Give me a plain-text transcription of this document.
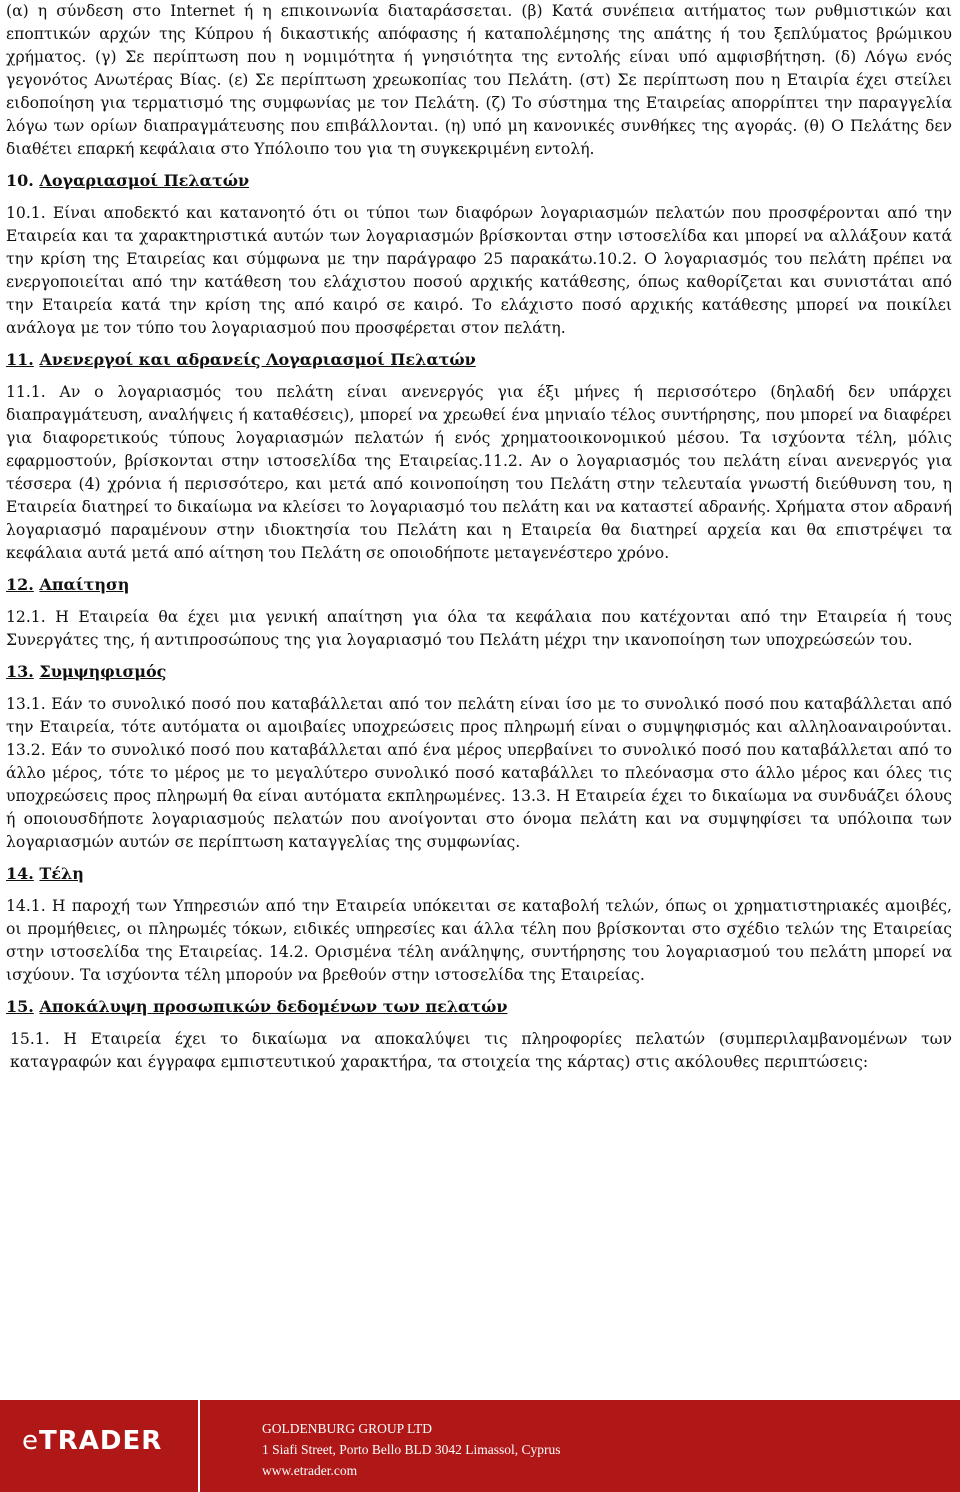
(α) η σύνδεση στο Internet ή η επικοινωνία διαταράσσεται. (β) Κατά συνέπεια αιτήματος των ρυθμιστικών και εποπτικών αρχών της Κύπρου ή δικαστικής απόφασης ή καταπολέμησης της απάτης ή του ξεπλύματος βρώμικου χρήματος. (γ) Σε περίπτωση που η νομιμότητα ή γνησιότητα της εντολής είναι υπό αμφισβήτηση. (δ) Λόγω ενός γεγονότος Ανωτέρας Βίας. (ε) Σε περίπτωση χρεωκοπίας του Πελάτη. (στ) Σε περίπτωση που η Εταιρία έχει στείλει ειδοποίηση για τερματισμό της συμφωνίας με τον Πελάτη. (ζ) Το σύστημα της Εταιρείας απορρίπτει την παραγγελία λόγω των ορίων διαπραγμάτευσης που επιβάλλονται. (η) υπό μη κανονικές συνθήκες της αγοράς. (θ) Ο Πελάτης δεν διαθέτει επαρκή κεφάλαια στο Υπόλοιπο του για τη συγκεκριμένη εντολή.

10. Λογαριασμοί Πελατών

10.1. Είναι αποδεκτό και κατανοητό ότι οι τύποι των διαφόρων λογαριασμών πελατών που προσφέρονται από την Εταιρεία και τα χαρακτηριστικά αυτών των λογαριασμών βρίσκονται στην ιστοσελίδα και μπορεί να αλλάξουν κατά την κρίση της Εταιρείας και σύμφωνα με την παράγραφο 25 παρακάτω.10.2. Ο λογαριασμός του πελάτη πρέπει να ενεργοποιείται από την κατάθεση του ελάχιστου ποσού αρχικής κατάθεσης, όπως καθορίζεται και συνιστάται από την Εταιρεία κατά την κρίση της από καιρό σε καιρό. Το ελάχιστο ποσό αρχικής κατάθεσης μπορεί να ποικίλει ανάλογα με τον τύπο του λογαριασμού που προσφέρεται στον πελάτη.

11. Ανενεργοί και αδρανείς Λογαριασμοί Πελατών

11.1. Αν ο λογαριασμός του πελάτη είναι ανενεργός για έξι μήνες ή περισσότερο (δηλαδή δεν υπάρχει διαπραγμάτευση, αναλήψεις ή καταθέσεις), μπορεί να χρεωθεί ένα μηνιαίο τέλος συντήρησης, που μπορεί να διαφέρει για διαφορετικούς τύπους λογαριασμών πελατών ή ενός χρηματοοικονομικού μέσου. Τα ισχύοντα τέλη, μόλις εφαρμοστούν, βρίσκονται στην ιστοσελίδα της Εταιρείας.11.2. Αν ο λογαριασμός του πελάτη είναι ανενεργός για τέσσερα (4) χρόνια ή περισσότερο, και μετά από κοινοποίηση του Πελάτη στην τελευταία γνωστή διεύθυνση του, η Εταιρεία διατηρεί το δικαίωμα να κλείσει το λογαριασμό του πελάτη και να καταστεί αδρανής. Χρήματα στον αδρανή λογαριασμό παραμένουν στην ιδιοκτησία του Πελάτη και η Εταιρεία θα διατηρεί αρχεία και θα επιστρέψει τα κεφάλαια αυτά μετά από αίτηση του Πελάτη σε οποιοδήποτε μεταγενέστερο χρόνο.

12. Απαίτηση

12.1. Η Εταιρεία θα έχει μια γενική απαίτηση για όλα τα κεφάλαια που κατέχονται από την Εταιρεία ή τους Συνεργάτες της, ή αντιπροσώπους της για λογαριασμό του Πελάτη μέχρι την ικανοποίηση των υποχρεώσεών του.

13. Συμψηφισμός

13.1. Εάν το συνολικό ποσό που καταβάλλεται από τον πελάτη είναι ίσο με το συνολικό ποσό που καταβάλλεται από την Εταιρεία, τότε αυτόματα οι αμοιβαίες υποχρεώσεις προς πληρωμή είναι ο συμψηφισμός και αλληλοαναιρούνται. 13.2. Εάν το συνολικό ποσό που καταβάλλεται από ένα μέρος υπερβαίνει το συνολικό ποσό που καταβάλλεται από το άλλο μέρος, τότε το μέρος με το μεγαλύτερο συνολικό ποσό καταβάλλει το πλεόνασμα στο άλλο μέρος και όλες τις υποχρεώσεις προς πληρωμή θα είναι αυτόματα εκπληρωμένες. 13.3. Η Εταιρεία έχει το δικαίωμα να συνδυάζει όλους ή οποιουσδήποτε λογαριασμούς πελατών που ανοίγονται στο όνομα πελάτη και να συμψηφίσει τα υπόλοιπα των λογαριασμών αυτών σε περίπτωση καταγγελίας της συμφωνίας.

14. Τέλη

14.1. Η παροχή των Υπηρεσιών από την Εταιρεία υπόκειται σε καταβολή τελών, όπως οι χρηματιστηριακές αμοιβές, οι προμήθειες, οι πληρωμές τόκων, ειδικές υπηρεσίες και άλλα τέλη που βρίσκονται στο σχέδιο τελών της Εταιρείας στην ιστοσελίδα της Εταιρείας. 14.2. Ορισμένα τέλη ανάληψης, συντήρησης του λογαριασμού του πελάτη μπορεί να ισχύουν. Τα ισχύοντα τέλη μπορούν να βρεθούν στην ιστοσελίδα της Εταιρείας.

15. Αποκάλυψη προσωπικών δεδομένων των πελατών

15.1. Η Εταιρεία έχει το δικαίωμα να αποκαλύψει τις πληροφορίες πελατών (συμπεριλαμβανομένων των καταγραφών και έγγραφα εμπιστευτικού χαρακτήρα, τα στοιχεία της κάρτας) στις ακόλουθες περιπτώσεις:

eTRADER	GOLDENBURG GROUP LTD
1 Siafi Street, Porto Bello BLD 3042 Limassol, Cyprus
www.etrader.com
